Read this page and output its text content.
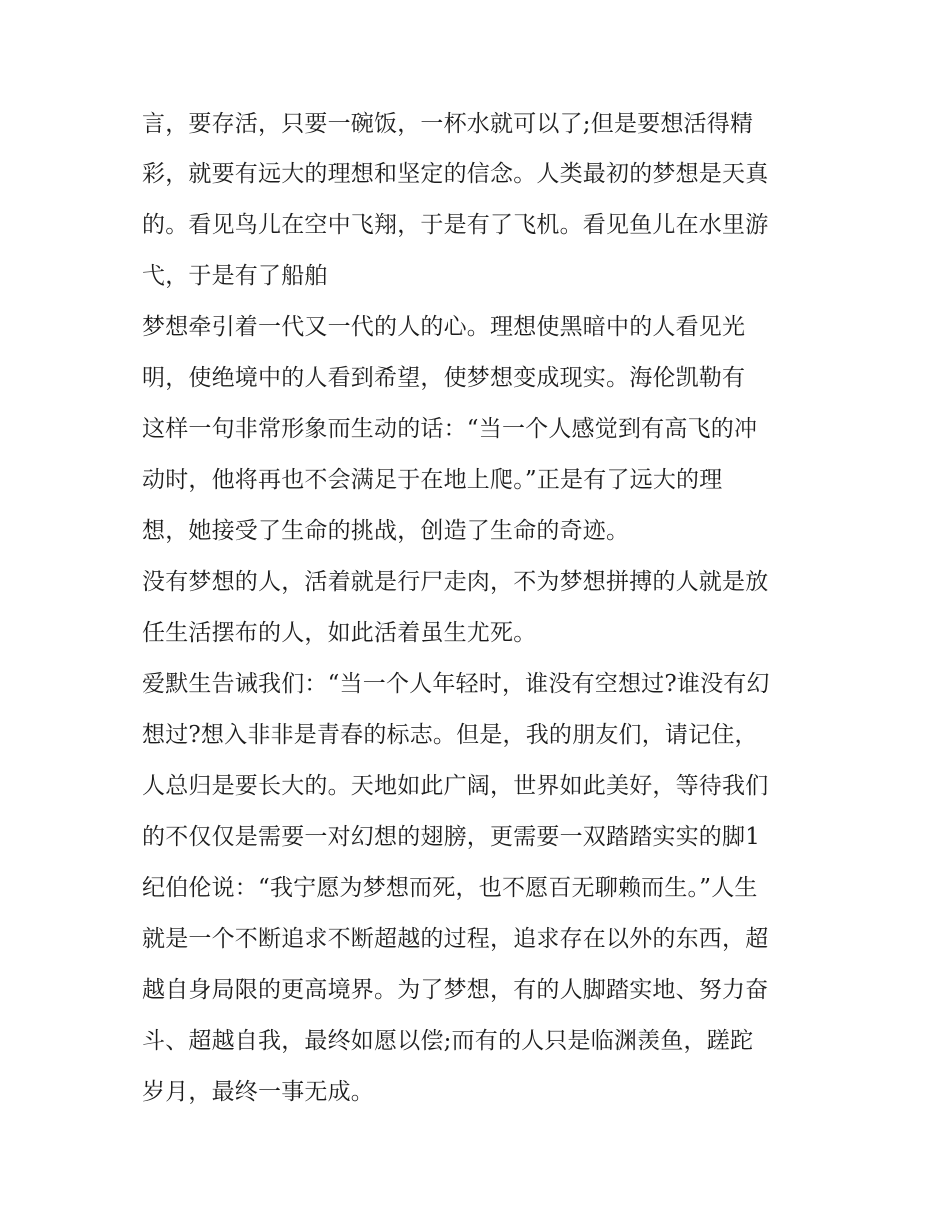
言，要存活，只要一碗饭，一杯水就可以了;但是要想活得精
彩，就要有远大的理想和坚定的信念。人类最初的梦想是天真
的。看见鸟儿在空中飞翔，于是有了飞机。看见鱼儿在水里游
弋，于是有了船舶
梦想牵引着一代又一代的人的心。理想使黑暗中的人看见光
明，使绝境中的人看到希望，使梦想变成现实。海伦凯勒有
这样一句非常形象而生动的话：“当一个人感觉到有高飞的冲
动时，他将再也不会满足于在地上爬。”正是有了远大的理
想，她接受了生命的挑战，创造了生命的奇迹。
没有梦想的人，活着就是行尸走肉，不为梦想拼搏的人就是放
任生活摆布的人，如此活着虽生尤死。
爱默生告诫我们：“当一个人年轻时，谁没有空想过?谁没有幻
想过?想入非非是青春的标志。但是，我的朋友们，请记住，
人总归是要长大的。天地如此广阔，世界如此美好，等待我们
的不仅仅是需要一对幻想的翅膀，更需要一双踏踏实实的脚1
纪伯伦说：“我宁愿为梦想而死，也不愿百无聊赖而生。”人生
就是一个不断追求不断超越的过程，追求存在以外的东西，超
越自身局限的更高境界。为了梦想，有的人脚踏实地、努力奋
斗、超越自我，最终如愿以偿;而有的人只是临渊羡鱼，蹉跎
岁月，最终一事无成。
